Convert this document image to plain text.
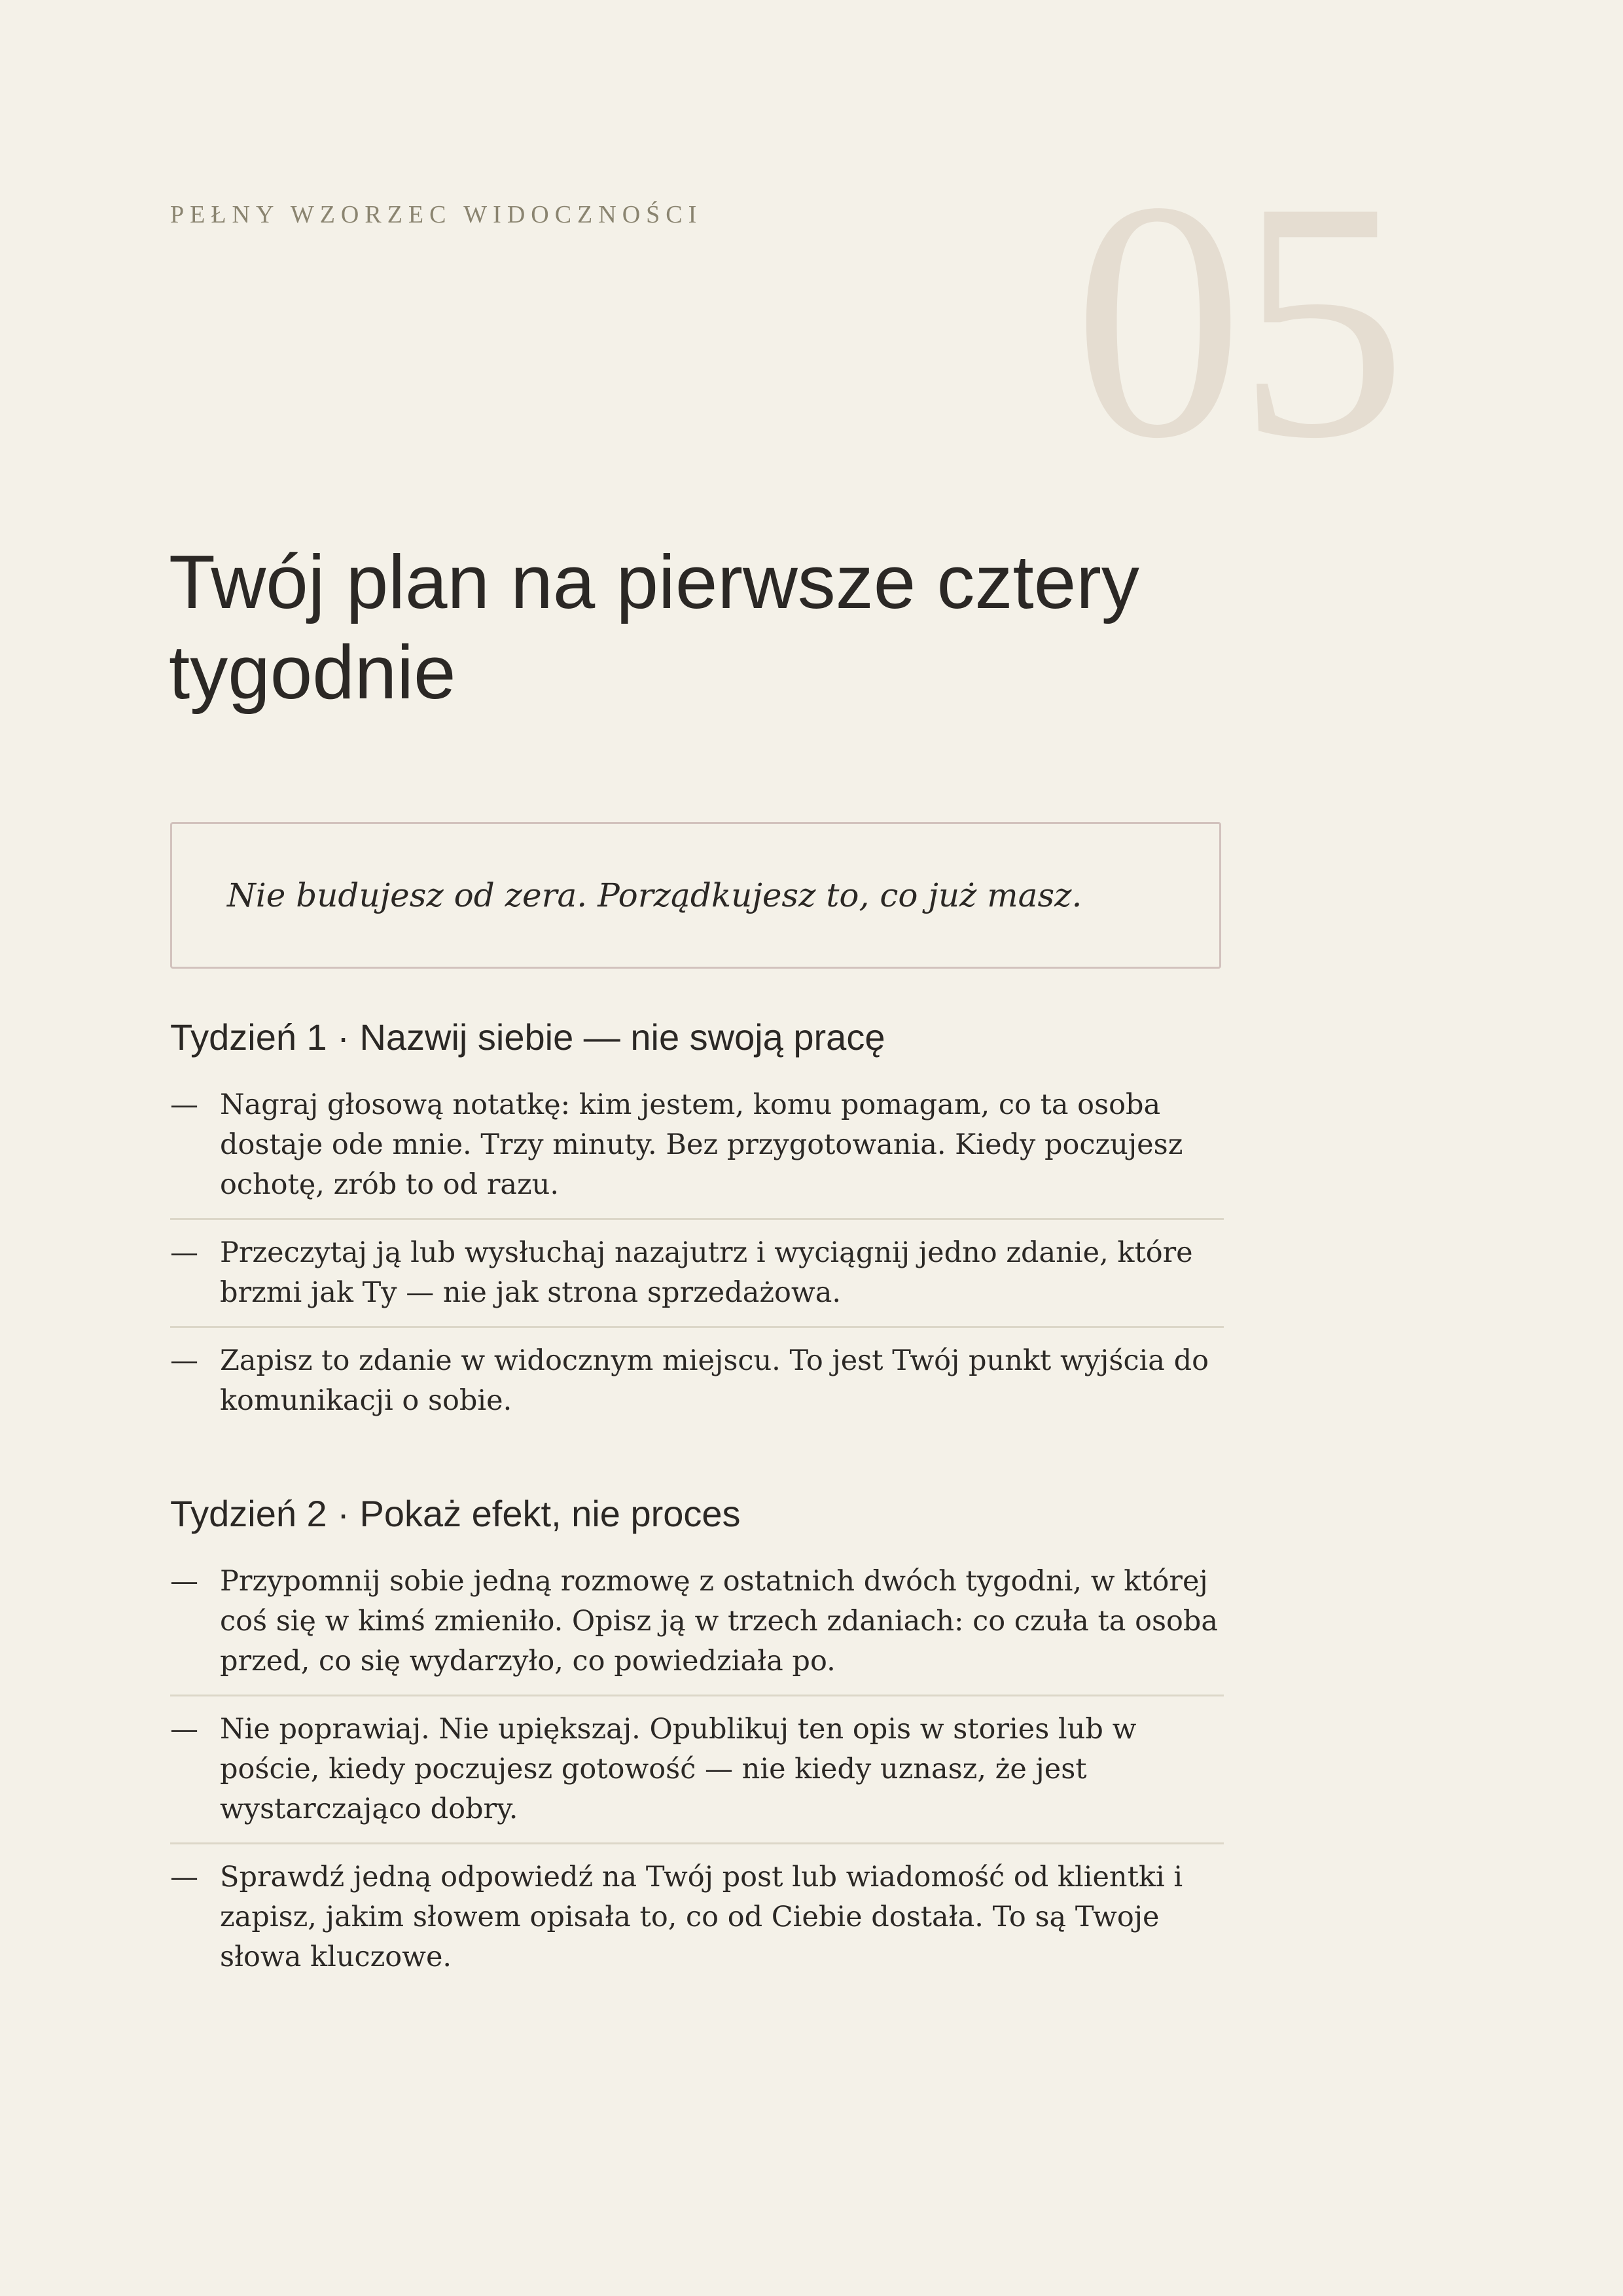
PEŁNY WZORZEC WIDOCZNOŚCI 05
Twój plan na pierwsze cztery tygodnie
Nie budujesz od zera. Porządkujesz to, co już masz.
Tydzień 1 · Nazwij siebie — nie swoją pracę
— Nagraj głosową notatkę: kim jestem, komu pomagam, co ta osoba dostaje ode mnie. Trzy minuty. Bez przygotowania. Kiedy poczujesz ochotę, zrób to od razu.
— Przeczytaj ją lub wysłuchaj nazajutrz i wyciągnij jedno zdanie, które brzmi jak Ty — nie jak strona sprzedażowa.
— Zapisz to zdanie w widocznym miejscu. To jest Twój punkt wyjścia do komunikacji o sobie.
Tydzień 2 · Pokaż efekt, nie proces
— Przypomnij sobie jedną rozmowę z ostatnich dwóch tygodni, w której coś się w kimś zmieniło. Opisz ją w trzech zdaniach: co czuła ta osoba przed, co się wydarzyło, co powiedziała po.
— Nie poprawiaj. Nie upiększaj. Opublikuj ten opis w stories lub w poście, kiedy poczujesz gotowość — nie kiedy uznasz, że jest wystarczająco dobry.
— Sprawdź jedną odpowiedź na Twój post lub wiadomość od klientki i zapisz, jakim słowem opisała to, co od Ciebie dostała. To są Twoje słowa kluczowe.
